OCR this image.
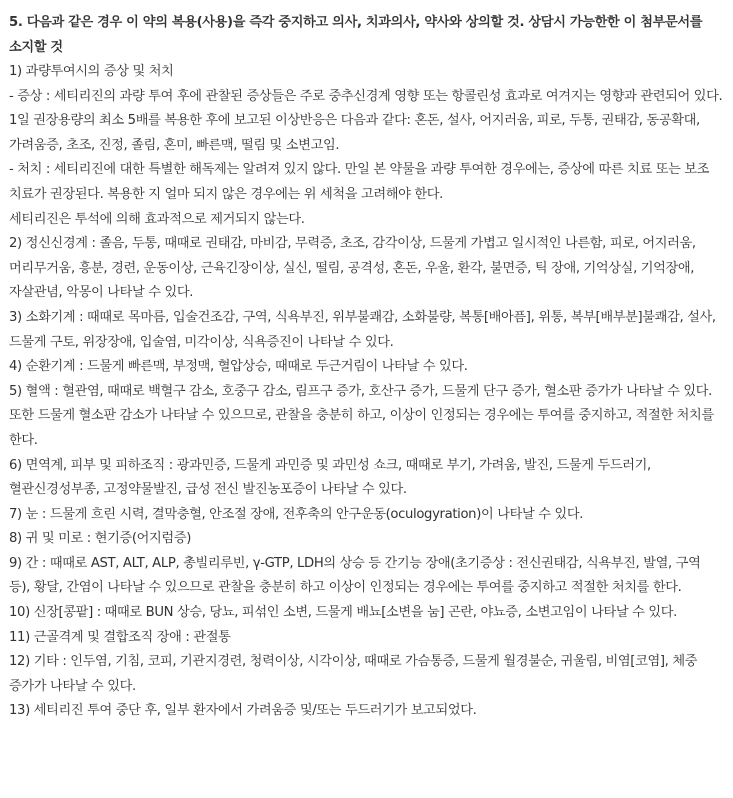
5. 다음과 같은 경우 이 약의 복용(사용)을 즉각 중지하고 의사, 치과의사, 약사와 상의할 것. 상담시 가능한한 이 첨부문서를 소지할 것

1) 과량투여시의 증상 및 처치

- 증상 : 세티리진의 과량 투여 후에 관찰된 증상들은 주로 중추신경계 영향 또는 항콜린성 효과로 여겨지는 영향과 관련되어 있다. 1일 권장용량의 최소 5배를 복용한 후에 보고된 이상반응은 다음과 같다: 혼돈, 설사, 어지러움, 피로, 두통, 권태감, 동공확대, 가려움증, 초조, 진정, 졸림, 혼미, 빠른맥, 떨림 및 소변고임.

- 처치 : 세티리진에 대한 특별한 해독제는 알려져 있지 않다. 만일 본 약물을 과량 투여한 경우에는, 증상에 따른 치료 또는 보조 치료가 권장된다. 복용한 지 얼마 되지 않은 경우에는 위 세척을 고려해야 한다.

세티리진은 투석에 의해 효과적으로 제거되지 않는다.

2) 정신신경계 : 졸음, 두통, 때때로 권태감, 마비감, 무력증, 초조, 감각이상, 드물게 가볍고 일시적인 나른함, 피로, 어지러움, 머리무거움, 흥분, 경련, 운동이상, 근육긴장이상, 실신, 떨림, 공격성, 혼돈, 우울, 환각, 불면증, 틱 장애, 기억상실, 기억장애, 자살관념, 악몽이 나타날 수 있다.

3) 소화기계 : 때때로 목마름, 입술건조감, 구역, 식욕부진, 위부불쾌감, 소화불량, 복통[배아픔], 위통, 복부[배부분]불쾌감, 설사, 드물게 구토, 위장장애, 입술염, 미각이상, 식욕증진이 나타날 수 있다.

4) 순환기계 : 드물게 빠른맥, 부정맥, 혈압상승, 때때로 두근거림이 나타날 수 있다.

5) 혈액 : 혈관염, 때때로 백혈구 감소, 호중구 감소, 림프구 증가, 호산구 증가, 드물게 단구 증가, 혈소판 증가가 나타날 수 있다. 또한 드물게 혈소판 감소가 나타날 수 있으므로, 관찰을 충분히 하고, 이상이 인정되는 경우에는 투여를 중지하고, 적절한 처치를 한다.

6) 면역계, 피부 및 피하조직 : 광과민증, 드물게 과민증 및 과민성 쇼크, 때때로 부기, 가려움, 발진, 드물게 두드러기, 혈관신경성부종, 고정약물발진, 급성 전신 발진농포증이 나타날 수 있다.

7) 눈 : 드물게 흐린 시력, 결막충혈, 안조절 장애, 전후축의 안구운동(oculogyration)이 나타날 수 있다.

8) 귀 및 미로 : 현기증(어지럼증)

9) 간 : 때때로 AST, ALT, ALP, 총빌리루빈, γ-GTP, LDH의 상승 등 간기능 장애(초기증상 : 전신권태감, 식욕부진, 발열, 구역 등), 황달, 간염이 나타날 수 있으므로 관찰을 충분히 하고 이상이 인정되는 경우에는 투여를 중지하고 적절한 처치를 한다.

10) 신장[콩팥] : 때때로 BUN 상승, 당뇨, 피섞인 소변, 드물게 배뇨[소변을 눔] 곤란, 야뇨증, 소변고임이 나타날 수 있다.

11) 근골격계 및 결합조직 장애 : 관절통

12) 기타 : 인두염, 기침, 코피, 기관지경련, 청력이상, 시각이상, 때때로 가슴통증, 드물게 월경불순, 귀울림, 비염[코염], 체중 증가가 나타날 수 있다.

13) 세티리진 투여 중단 후, 일부 환자에서 가려움증 및/또는 두드러기가 보고되었다.
